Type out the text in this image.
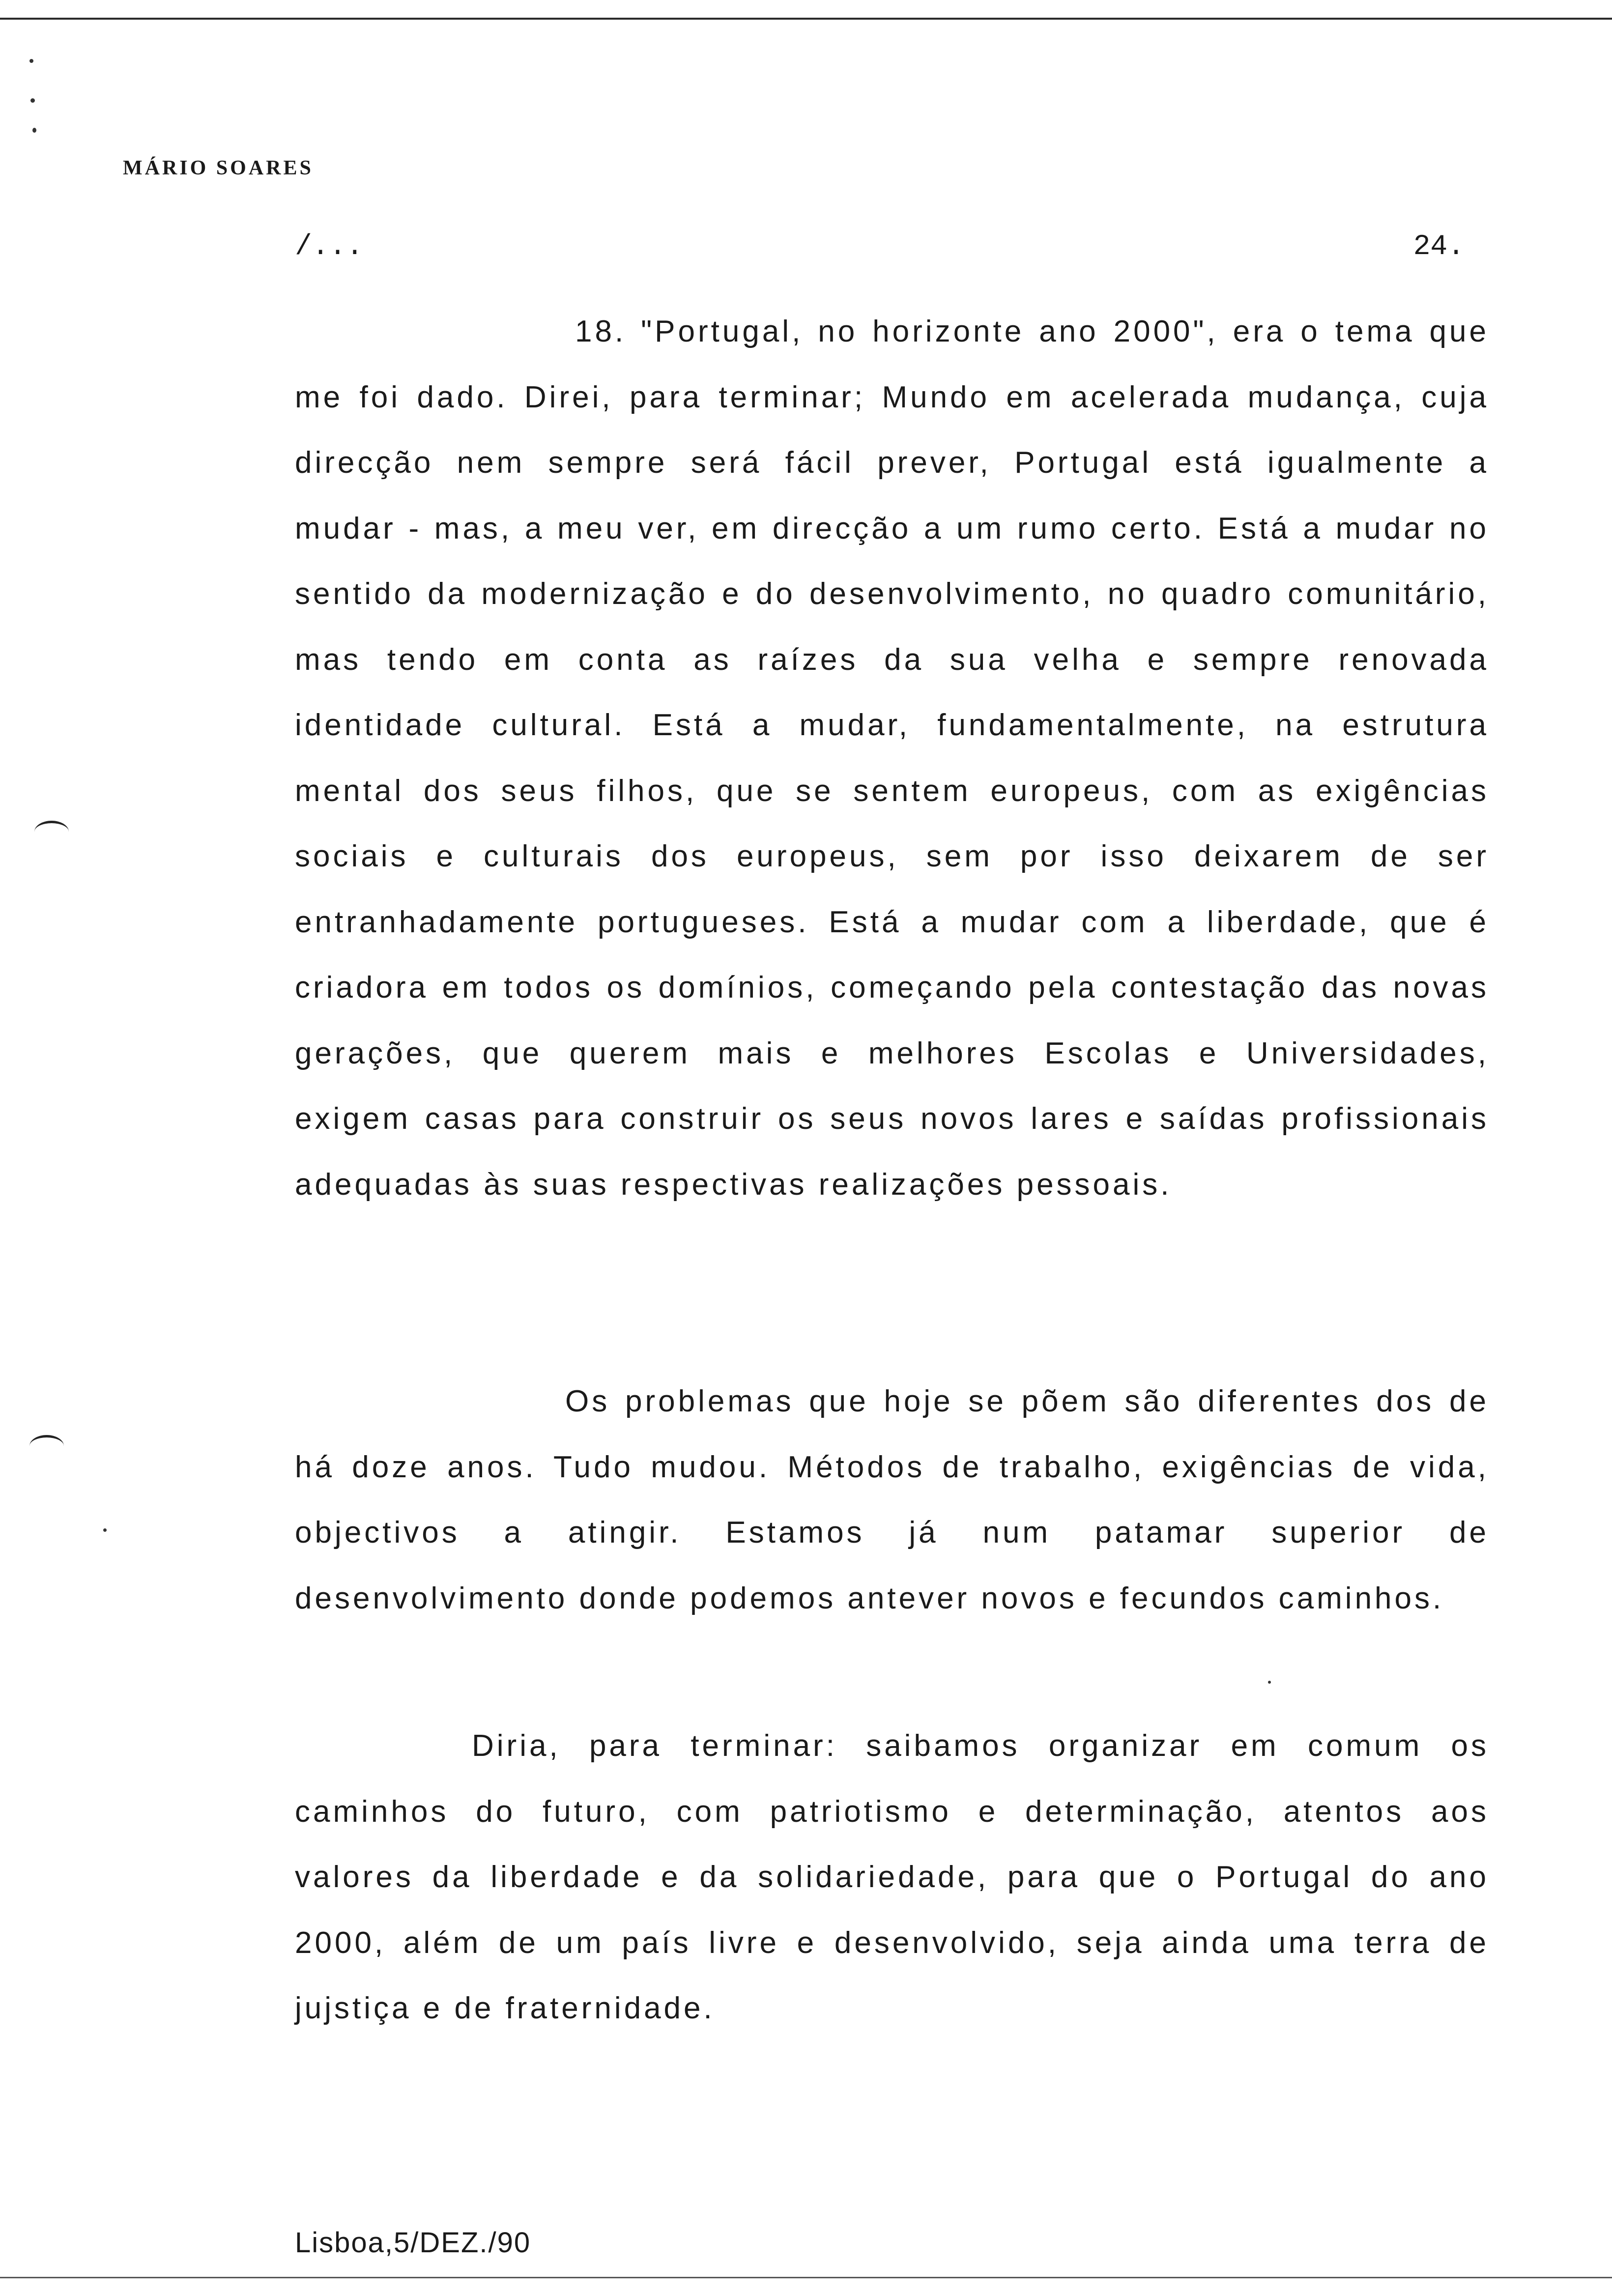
MÁRIO SOARES
/...	24.

18. "Portugal, no horizonte ano 2000", era o tema que me foi dado. Direi, para terminar; Mundo em acelerada mudança, cuja direcção nem sempre será fácil prever, Portugal está igualmente a mudar - mas, a meu ver, em direcção a um rumo certo. Está a mudar no sentido da modernização e do desenvolvimento, no quadro comunitário, mas tendo em conta as raízes da sua velha e sempre renovada identidade cultural. Está a mudar, fundamentalmente, na estrutura mental dos seus filhos, que se sentem europeus, com as exigências sociais e culturais dos europeus, sem por isso deixarem de ser entranhadamente portugueses. Está a mudar com a liberdade, que é criadora em todos os domínios, começando pela contestação das novas gerações, que querem mais e melhores Escolas e Universidades, exigem casas para construir os seus novos lares e saídas profissionais adequadas às suas respectivas realizações pessoais.

Os problemas que hoje se põem são diferentes dos de há doze anos. Tudo mudou. Métodos de trabalho, exigências de vida, objectivos a atingir. Estamos já num patamar superior de desenvolvimento donde podemos antever novos e fecundos caminhos.

Diria, para terminar: saibamos organizar em comum os caminhos do futuro, com patriotismo e determinação, atentos aos valores da liberdade e da solidariedade, para que o Portugal do ano 2000, além de um país livre e desenvolvido, seja ainda uma terra de jujstiça e de fraternidade.

Lisboa,5/DEZ./90
